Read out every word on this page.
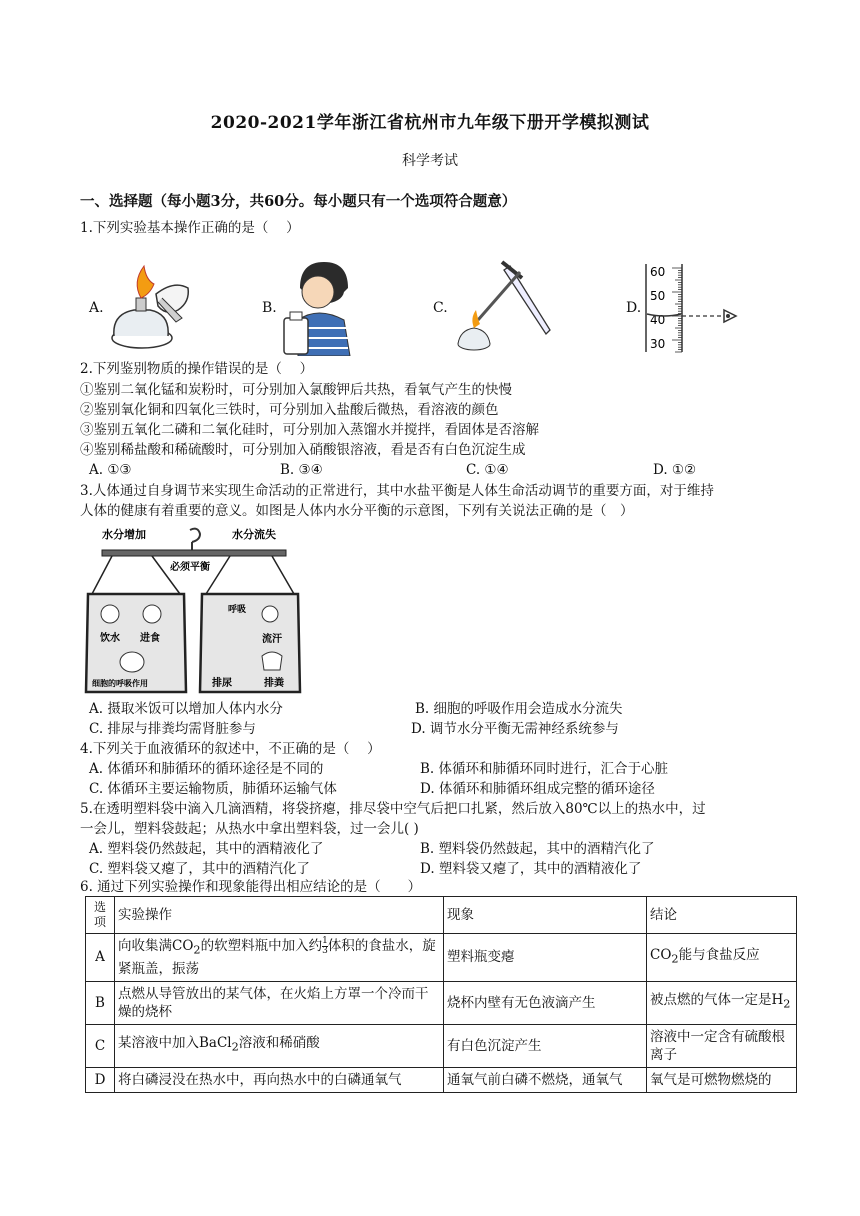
2020-2021学年浙江省杭州市九年级下册开学模拟测试
科学考试
一、选择题（每小题3分，共60分。每小题只有一个选项符合题意）
1.下列实验基本操作正确的是（　 ）
A.	B.	C.	D.
60
50
40
30
2.下列鉴别物质的操作错误的是（　 ）
①鉴别二氧化锰和炭粉时，可分别加入氯酸钾后共热，看氧气产生的快慢
②鉴别氧化铜和四氧化三铁时，可分别加入盐酸后微热，看溶液的颜色
③鉴别五氧化二磷和二氧化硅时，可分别加入蒸馏水并搅拌，看固体是否溶解
④鉴别稀盐酸和稀硫酸时，可分别加入硝酸银溶液，看是否有白色沉淀生成
A. ①③	B. ③④	C. ①④	D. ①②
3.人体通过自身调节来实现生命活动的正常进行，其中水盐平衡是人体生命活动调节的重要方面，对于维持
人体的健康有着重要的意义。如图是人体内水分平衡的示意图，下列有关说法正确的是（　）
水分增加	水分流失
必须平衡
饮水 进食
细胞的呼吸作用
呼吸
流汗
排尿	排粪
A. 摄取米饭可以增加人体内水分	B. 细胞的呼吸作用会造成水分流失
C. 排尿与排粪均需肾脏参与	D. 调节水分平衡无需神经系统参与
4.下列关于血液循环的叙述中，不正确的是（　 ）
A. 体循环和肺循环的循环途径是不同的	B. 体循环和肺循环同时进行，汇合于心脏
C. 体循环主要运输物质，肺循环运输气体	D. 体循环和肺循环组成完整的循环途径
5.在透明塑料袋中滴入几滴酒精，将袋挤瘪，排尽袋中空气后把口扎紧，然后放入80℃以上的热水中，过
一会儿，塑料袋鼓起；从热水中拿出塑料袋，过一会儿( )
A. 塑料袋仍然鼓起，其中的酒精液化了	B. 塑料袋仍然鼓起，其中的酒精汽化了
C. 塑料袋又瘪了，其中的酒精汽化了	D. 塑料袋又瘪了，其中的酒精液化了
6. 通过下列实验操作和现象能得出相应结论的是（　　）
选项	实验操作	现象	结论
A	向收集满$CO_2$的软塑料瓶中加入约 $\frac{1}{3}$ 体积的食盐水，旋紧瓶盖，振荡	塑料瓶变瘪	$CO_2$能与食盐反应
B	点燃从导管放出的某气体，在火焰上方罩一个冷而干燥的烧杯	烧杯内壁有无色液滴产生	被点燃的气体一定是$H_2$
C	某溶液中加入BaCl$_2$溶液和稀硝酸	有白色沉淀产生	溶液中一定含有硫酸根离子
D	将白磷浸没在热水中，再向热水中的白磷通氧气	通氧气前白磷不燃烧，通氧气	氧气是可燃物燃烧的
